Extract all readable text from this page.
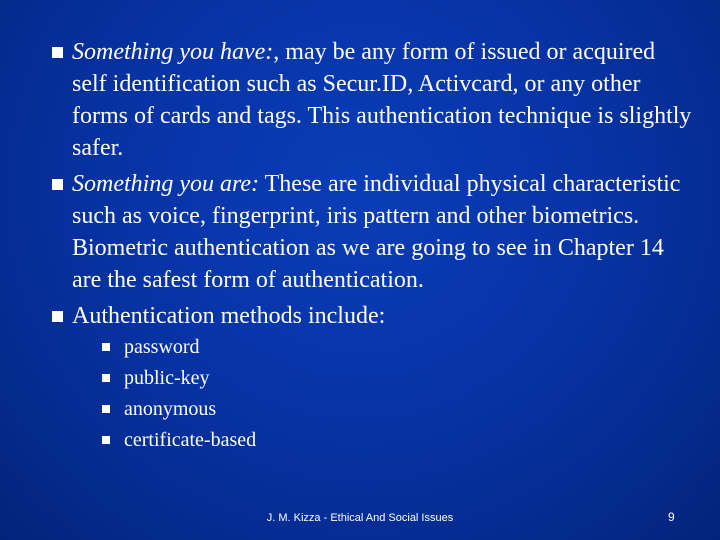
Something you have:, may be any form of issued or acquired self identification such as Secur.ID, Activcard, or any other forms of cards and tags. This authentication technique is slightly safer.
Something you are: These are individual physical characteristic such as voice, fingerprint, iris pattern and other biometrics. Biometric authentication as we are going to see in Chapter 14 are the safest form of authentication.
Authentication methods include:
password
public-key
anonymous
certificate-based
J. M. Kizza - Ethical And Social Issues	9
